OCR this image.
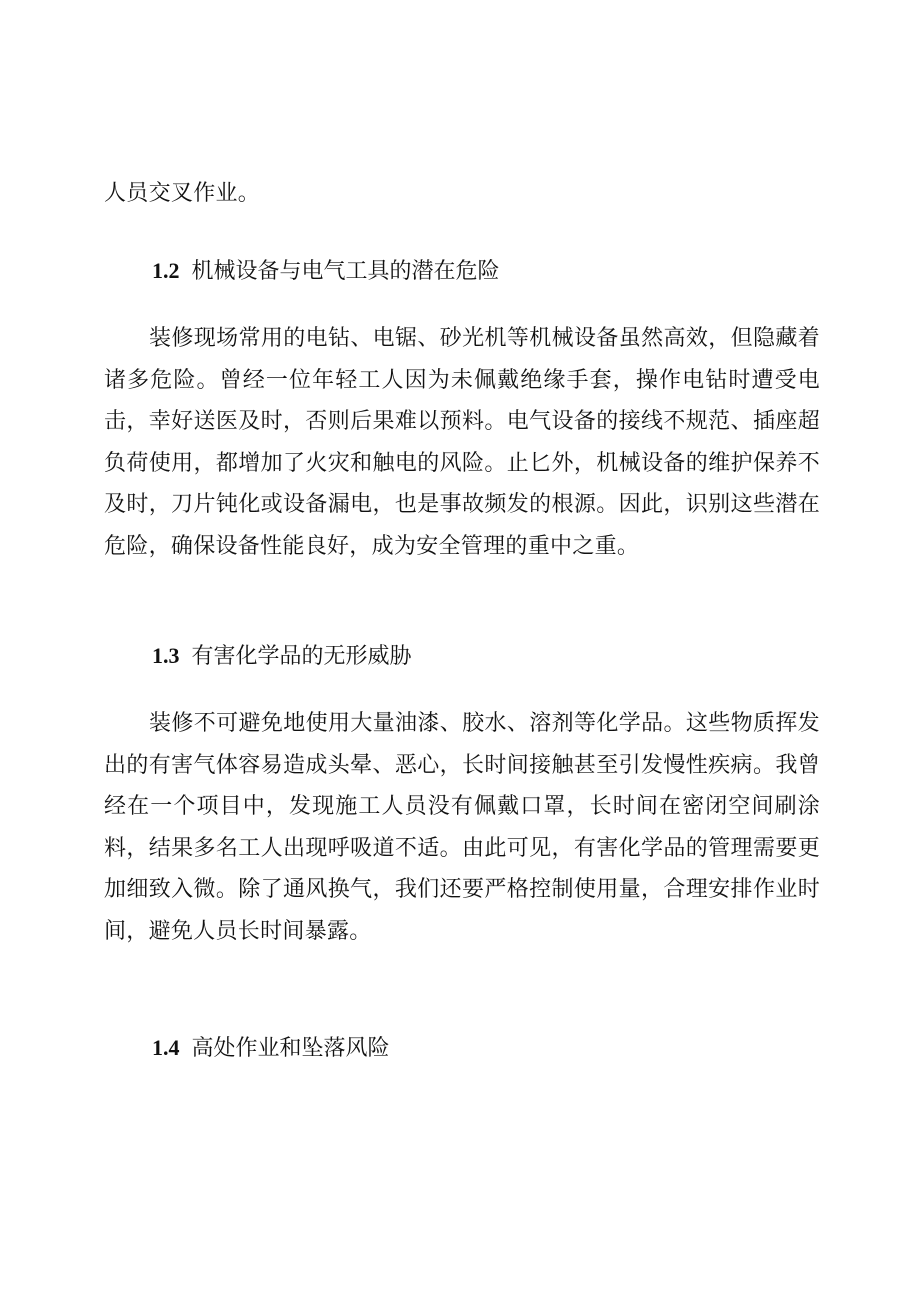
人员交叉作业。

1.2 机械设备与电气工具的潜在危险

装修现场常用的电钻、电锯、砂光机等机械设备虽然高效，但隐藏着诸多危险。曾经一位年轻工人因为未佩戴绝缘手套，操作电钻时遭受电击，幸好送医及时，否则后果难以预料。电气设备的接线不规范、插座超负荷使用，都增加了火灾和触电的风险。止匕外，机械设备的维护保养不及时，刀片钝化或设备漏电，也是事故频发的根源。因此，识别这些潜在危险，确保设备性能良好，成为安全管理的重中之重。

1.3 有害化学品的无形威胁

装修不可避免地使用大量油漆、胶水、溶剂等化学品。这些物质挥发出的有害气体容易造成头晕、恶心，长时间接触甚至引发慢性疾病。我曾经在一个项目中，发现施工人员没有佩戴口罩，长时间在密闭空间刷涂料，结果多名工人出现呼吸道不适。由此可见，有害化学品的管理需要更加细致入微。除了通风换气，我们还要严格控制使用量，合理安排作业时间，避免人员长时间暴露。

1.4 高处作业和坠落风险
